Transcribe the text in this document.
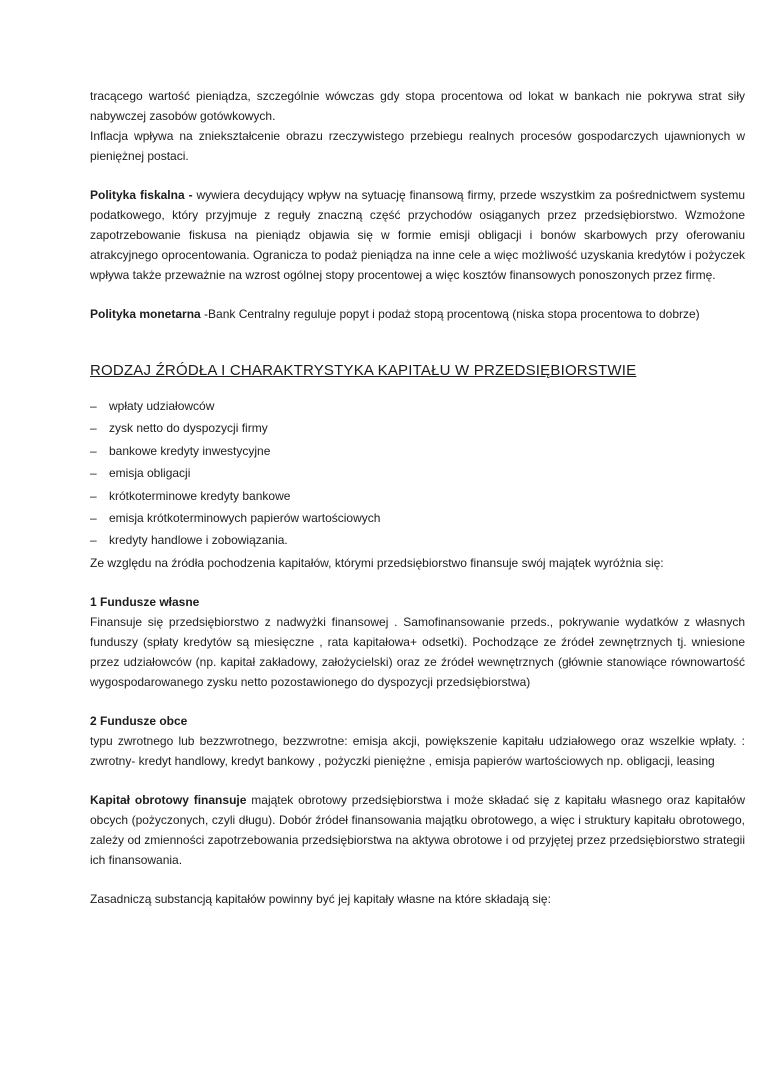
tracącego wartość pieniądza, szczególnie wówczas gdy stopa procentowa od lokat w bankach nie pokrywa strat siły nabywczej zasobów gotówkowych.

Inflacja wpływa na zniekształcenie obrazu rzeczywistego przebiegu realnych procesów gospodarczych ujawnionych w pieniężnej postaci.

Polityka fiskalna - wywiera decydujący wpływ na sytuację finansową firmy, przede wszystkim za pośrednictwem systemu podatkowego, który przyjmuje z reguły znaczną część przychodów osiąganych przez przedsiębiorstwo. Wzmożone zapotrzebowanie fiskusa na pieniądz objawia się w formie emisji obligacji i bonów skarbowych przy oferowaniu atrakcyjnego oprocentowania. Ogranicza to podaż pieniądza na inne cele a więc możliwość uzyskania kredytów i pożyczek wpływa także przeważnie na wzrost ogólnej stopy procentowej a więc kosztów finansowych ponoszonych przez firmę.

Polityka monetarna -Bank Centralny reguluje popyt i podaż stopą procentową (niska stopa procentowa to dobrze)

RODZAJ ŹRÓDŁA I CHARAKTRYSTYKA KAPITAŁU W PRZEDSIĘBIORSTWIE
–	wpłaty udziałowców
–	zysk netto do dyspozycji firmy
–	bankowe kredyty inwestycyjne
–	emisja obligacji
–	krótkoterminowe kredyty bankowe
–	emisja krótkoterminowych papierów wartościowych
–	kredyty handlowe i zobowiązania.

Ze względu na źródła pochodzenia kapitałów, którymi przedsiębiorstwo finansuje swój majątek wyróżnia się:

1 Fundusze własne

Finansuje się przedsiębiorstwo z nadwyżki finansowej . Samofinansowanie przeds., pokrywanie wydatków z własnych funduszy (spłaty kredytów są miesięczne , rata kapitałowa+ odsetki). Pochodzące ze źródeł zewnętrznych tj. wniesione przez udziałowców (np. kapitał zakładowy, założycielski) oraz ze źródeł wewnętrznych (głównie stanowiące równowartość wygospodarowanego zysku netto pozostawionego do dyspozycji przedsiębiorstwa)

2 Fundusze obce

typu zwrotnego lub bezzwrotnego, bezzwrotne: emisja akcji, powiększenie kapitału udziałowego oraz wszelkie wpłaty. : zwrotny- kredyt handlowy, kredyt bankowy , pożyczki pieniężne , emisja papierów wartościowych np. obligacji, leasing

Kapitał obrotowy finansuje majątek obrotowy przedsiębiorstwa i może składać się z kapitału własnego oraz kapitałów obcych (pożyczonych, czyli długu). Dobór źródeł finansowania majątku obrotowego, a więc i struktury kapitału obrotowego, zależy od zmienności zapotrzebowania przedsiębiorstwa na aktywa obrotowe i od przyjętej przez przedsiębiorstwo strategii ich finansowania.

Zasadniczą substancją kapitałów powinny być jej kapitały własne na które składają się:
